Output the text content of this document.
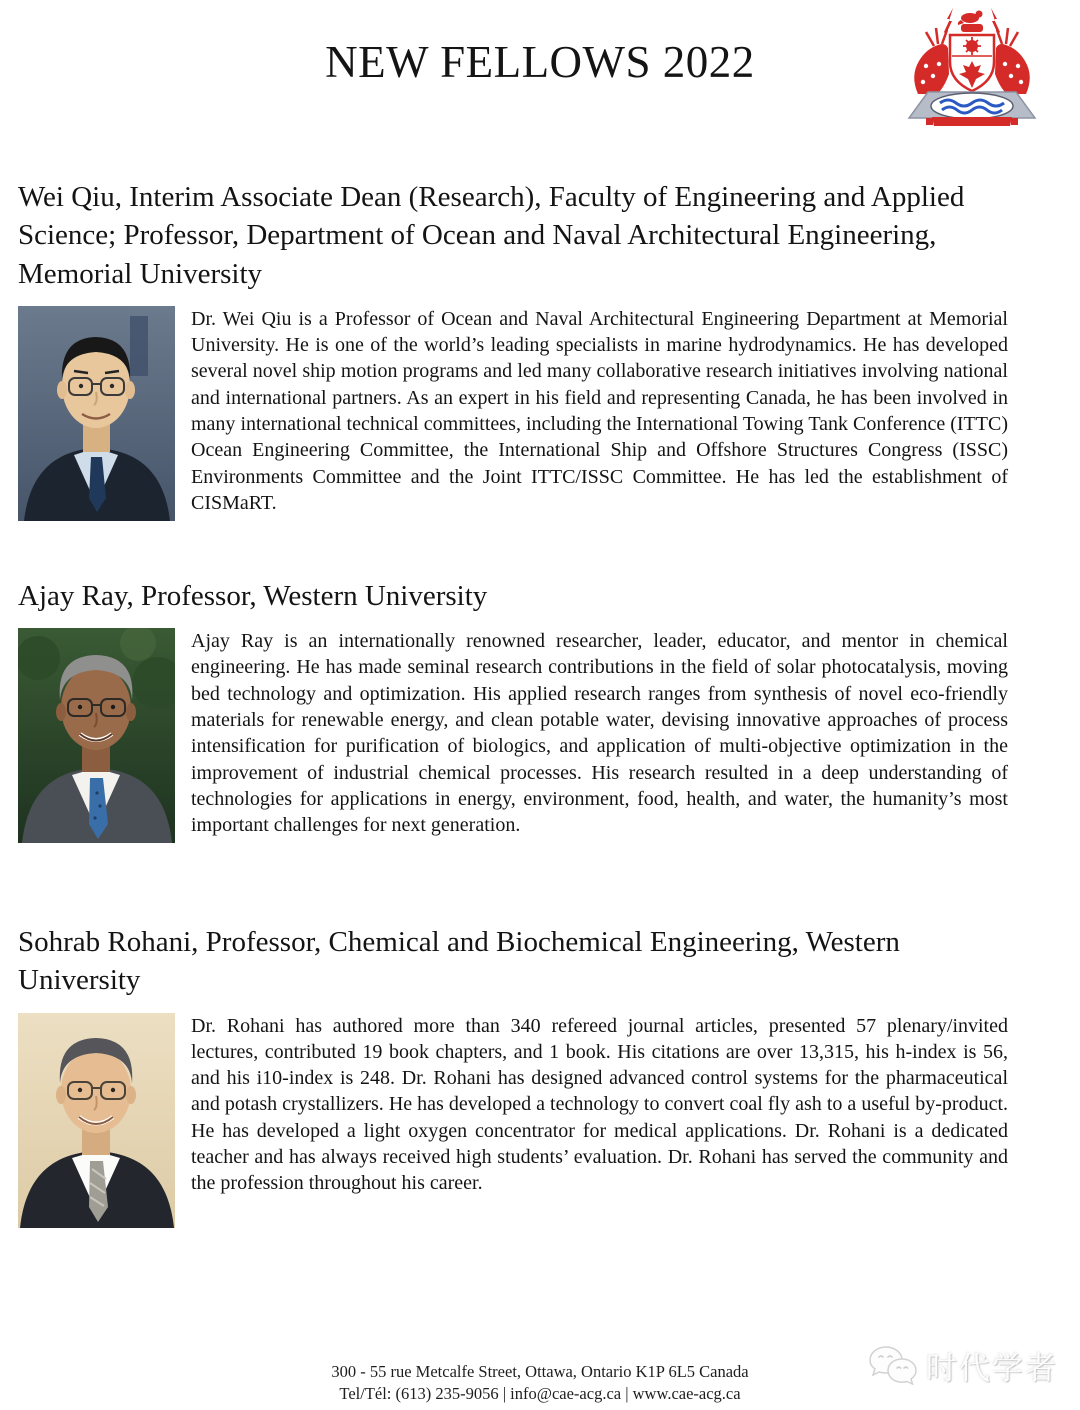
NEW FELLOWS 2022
Wei Qiu, Interim Associate Dean (Research), Faculty of Engineering and Applied Science; Professor, Department of Ocean and Naval Architectural Engineering, Memorial University

Dr. Wei Qiu is a Professor of Ocean and Naval Architectural Engineering Department at Memorial University. He is one of the world’s leading specialists in marine hydrodynamics. He has developed several novel ship motion programs and led many collaborative research initiatives involving national and international partners. As an expert in his field and representing Canada, he has been involved in many international technical committees, including the International Towing Tank Conference (ITTC) Ocean Engineering Committee, the International Ship and Offshore Structures Congress (ISSC) Environments Committee and the Joint ITTC/ISSC Committee. He has led the establishment of CISMaRT.

Ajay Ray, Professor, Western University

Ajay Ray is an internationally renowned researcher, leader, educator, and mentor in chemical engineering. He has made seminal research contributions in the field of solar photocatalysis, moving bed technology and optimization. His applied research ranges from synthesis of novel eco-friendly materials for renewable energy, and clean potable water, devising innovative approaches of process intensification for purification of biologics, and application of multi-objective optimization in the improvement of industrial chemical processes. His research resulted in a deep understanding of technologies for applications in energy, environment, food, health, and water, the humanity’s most important challenges for next generation.

Sohrab Rohani, Professor, Chemical and Biochemical Engineering, Western University

Dr. Rohani has authored more than 340 refereed journal articles, presented 57 plenary/invited lectures, contributed 19 book chapters, and 1 book. His citations are over 13,315, his h-index is 56, and his i10-index is 248. Dr. Rohani has designed advanced control systems for the pharmaceutical and potash crystallizers. He has developed a technology to convert coal fly ash to a useful by-product. He has developed a light oxygen concentrator for medical applications. Dr. Rohani is a dedicated teacher and has always received high students’ evaluation. Dr. Rohani has served the community and the profession throughout his career.

300 - 55 rue Metcalfe Street, Ottawa, Ontario K1P 6L5 Canada
Tel/Tél: (613) 235-9056 | info@cae-acg.ca | www.cae-acg.ca
时代学者
